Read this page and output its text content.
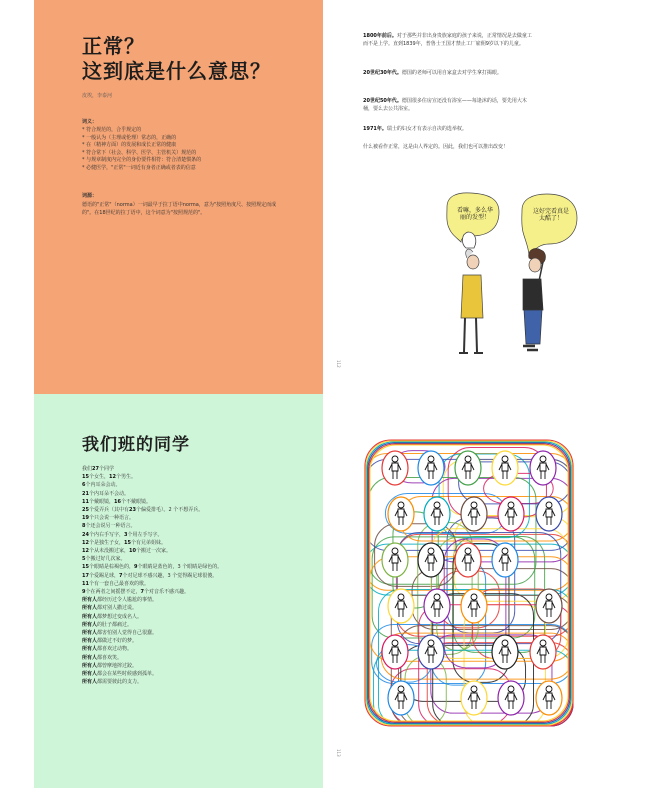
正常？
这到底是什么意思？
皮埃，李泰河
词义：
* 符合规范的，合乎规定的
* 一般认为（主理或伦理）常态的，正确的
* 在（精神方面）的发展和成长正常的健康
* 符合常下（社会、科学、医学、主管机关）规范的
* 与规章制度内完全的身份要件相符：符合清楚惯条的
* 必健医学，"正常"一词近有身者正确或者表的信意
词源：
德语的"正常"（norma）一词最早于拉丁语中norma，意为"按照角度尺、按照规定而成的"。在18世纪的拉丁语中，这个词意为"按照规范的"。
1800年前后。对于那些并非出身贵族家庭的孩子来说，正常情况是去做童工而不是上学。直到1839年，普鲁士王国才禁止工厂雇佣9岁以下的儿童。
20世纪30年代。德国的老师可以用自家盒去对学生拿打揭眼。
20世纪50年代。德国很多住房宣还没有浴室——每逢沐的话，要先用大木桶，要么去公共浴室。
1971年。瑞士的妇女才有表示自决的选举权。
什么被看作正常，这是由人界定的。因此，我们也可以推出改变！
看嘛，多么华丽的发型！
这好完看真是太酷了！
112
我们班的同学
我们27个同学
15个女生，12个男生。
6个内耳朵会动。
21个内耳朵不会动。
11个戴眼镜，16个不戴眼镜。
25个爱弄兵（其中有23个偏爱排毛）。2 个不想弄兵。
19个只会说一种语言。
8个还会说另一种语言。
24个内右手写字，3个用左手写字。
12个是独生子女，15个有兄弟姐妹。
12个从未没搬过家，10个搬过一次家。
5个搬过好几次家。
15个眼睛是棕褐色的，9个眼睛是蓝色的，3 个眼睛是绿色的。
17个爱踢足球，7个对足球不感兴趣，3 个觉得踢足球很傻。
11个有一套自己最喜欢的歌。
9个在两者之间摇摆不定，7个对音乐不感兴趣。
所有人都经历过令人尴尬的事情。
所有人都对别人撒过谎。
所有人都梦想过变成名人。
所有人的肚子都痛过。
所有人都害怕别人觉得自己很蠢。
所有人都做过不好的梦。
所有人都喜欢过动物。
所有人都喜欢笑。
所有人都曾摩地摔过跤。
所有人都会在某些时候感到孤单。
所有人都需要彼此的支力。
113
